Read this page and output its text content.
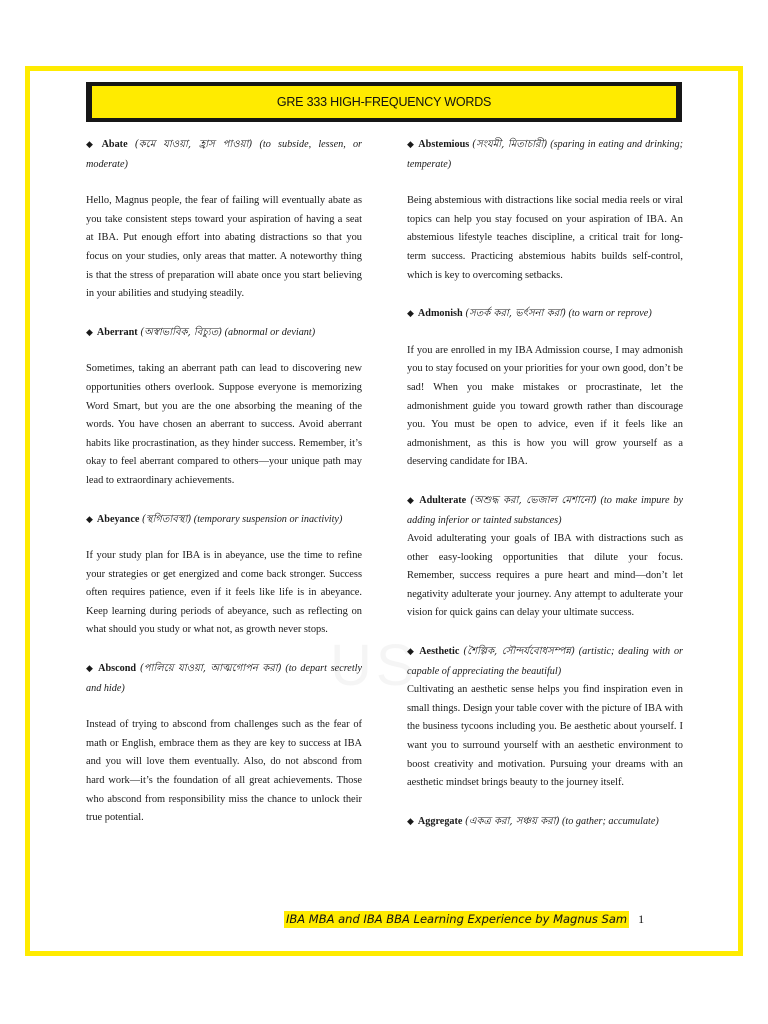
GRE 333 HIGH-FREQUENCY WORDS
◆ Abate (কমে যাওয়া, হ্রাস পাওয়া) (to subside, lessen, or moderate)

Hello, Magnus people, the fear of failing will eventually abate as you take consistent steps toward your aspiration of having a seat at IBA. Put enough effort into abating distractions so that you focus on your studies, only areas that matter. A noteworthy thing is that the stress of preparation will abate once you start believing in your abilities and studying steadily.

◆ Aberrant (অস্বাভাবিক, বিচ্যুত) (abnormal or deviant)

Sometimes, taking an aberrant path can lead to discovering new opportunities others overlook. Suppose everyone is memorizing Word Smart, but you are the one absorbing the meaning of the words. You have chosen an aberrant to success. Avoid aberrant habits like procrastination, as they hinder success. Remember, it’s okay to feel aberrant compared to others—your unique path may lead to extraordinary achievements.

◆ Abeyance (স্থগিতাবস্থা) (temporary suspension or inactivity)

If your study plan for IBA is in abeyance, use the time to refine your strategies or get energized and come back stronger. Success often requires patience, even if it feels like life is in abeyance. Keep learning during periods of abeyance, such as reflecting on what should you study or what not, as growth never stops.

◆ Abscond (পালিয়ে যাওয়া, আত্মগোপন করা) (to depart secretly and hide)

Instead of trying to abscond from challenges such as the fear of math or English, embrace them as they are key to success at IBA and you will love them eventually. Also, do not abscond from hard work—it’s the foundation of all great achievements. Those who abscond from responsibility miss the chance to unlock their true potential.

◆ Abstemious (সংযমী, মিতাচারী) (sparing in eating and drinking; temperate)

Being abstemious with distractions like social media reels or viral topics can help you stay focused on your aspiration of IBA. An abstemious lifestyle teaches discipline, a critical trait for long-term success. Practicing abstemious habits builds self-control, which is key to overcoming setbacks.

◆ Admonish (সতর্ক করা, ভর্ৎসনা করা) (to warn or reprove)

If you are enrolled in my IBA Admission course, I may admonish you to stay focused on your priorities for your own good, don’t be sad! When you make mistakes or procrastinate, let the admonishment guide you toward growth rather than discourage you. You must be open to advice, even if it feels like an admonishment, as this is how you will grow yourself as a deserving candidate for IBA.

◆ Adulterate (অশুদ্ধ করা, ভেজাল মেশানো) (to make impure by adding inferior or tainted substances)

Avoid adulterating your goals of IBA with distractions such as other easy-looking opportunities that dilute your focus. Remember, success requires a pure heart and mind—don’t let negativity adulterate your journey. Any attempt to adulterate your vision for quick gains can delay your ultimate success.

◆ Aesthetic (শৈল্পিক, সৌন্দর্যবোধসম্পন্ন) (artistic; dealing with or capable of appreciating the beautiful)

Cultivating an aesthetic sense helps you find inspiration even in small things. Design your table cover with the picture of IBA with the business tycoons including you. Be aesthetic about yourself. I want you to surround yourself with an aesthetic environment to boost creativity and motivation. Pursuing your dreams with an aesthetic mindset brings beauty to the journey itself.

◆ Aggregate (একত্র করা, সঞ্চয় করা) (to gather; accumulate)
IBA MBA and IBA BBA Learning Experience by Magnus Sam 1
